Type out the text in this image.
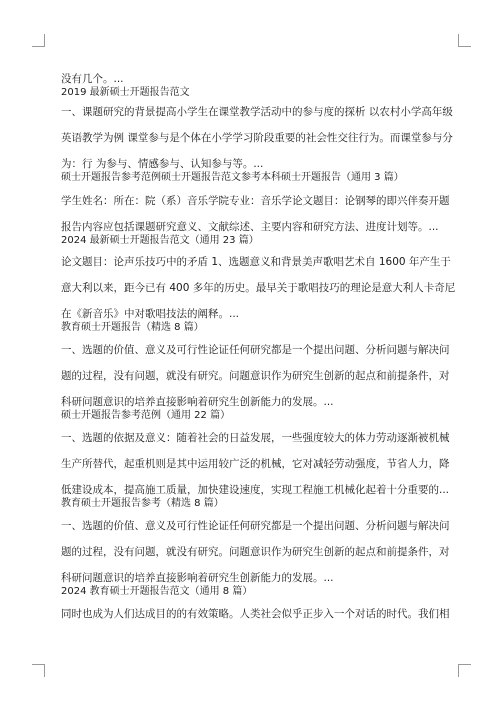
没有几个。...
2019 最新硕士开题报告范文
一、课题研究的背景提高小学生在课堂教学活动中的参与度的探析 以农村小学高年级
英语教学为例 课堂参与是个体在小学学习阶段重要的社会性交往行为。而课堂参与分
为：行 为参与、情感参与、认知参与等。...
硕士开题报告参考范例硕士开题报告范文参考本科硕士开题报告（通用 3 篇）
学生姓名：所在：院（系）音乐学院专业：音乐学论文题目：论钢琴的即兴伴奏开题
报告内容应包括课题研究意义、文献综述、主要内容和研究方法、进度计划等。...
2024 最新硕士开题报告范文（通用 23 篇）
论文题目：论声乐技巧中的矛盾 1、选题意义和背景美声歌唱艺术自 1600 年产生于
意大利以来，距今已有 400 多年的历史。最早关于歌唱技巧的理论是意大利人卡奇尼
在《新音乐》中对歌唱技法的阐释。...
教育硕士开题报告（精选 8 篇）
一、选题的价值、意义及可行性论证任何研究都是一个提出问题、分析问题与解决问
题的过程，没有问题，就没有研究。问题意识作为研究生创新的起点和前提条件，对
科研问题意识的培养直接影响着研究生创新能力的发展。...
硕士开题报告参考范例（通用 22 篇）
一、选题的依据及意义：随着社会的日益发展，一些强度较大的体力劳动逐渐被机械
生产所替代，起重机则是其中运用较广泛的机械，它对减轻劳动强度，节省人力，降
低建设成本，提高施工质量，加快建设速度，实现工程施工机械化起着十分重要的...
教育硕士开题报告参考（精选 8 篇）
一、选题的价值、意义及可行性论证任何研究都是一个提出问题、分析问题与解决问
题的过程，没有问题，就没有研究。问题意识作为研究生创新的起点和前提条件，对
科研问题意识的培养直接影响着研究生创新能力的发展。...
2024 教育硕士开题报告范文（通用 8 篇）
同时也成为人们达成目的的有效策略。人类社会似乎正步入一个对话的时代。我们相
